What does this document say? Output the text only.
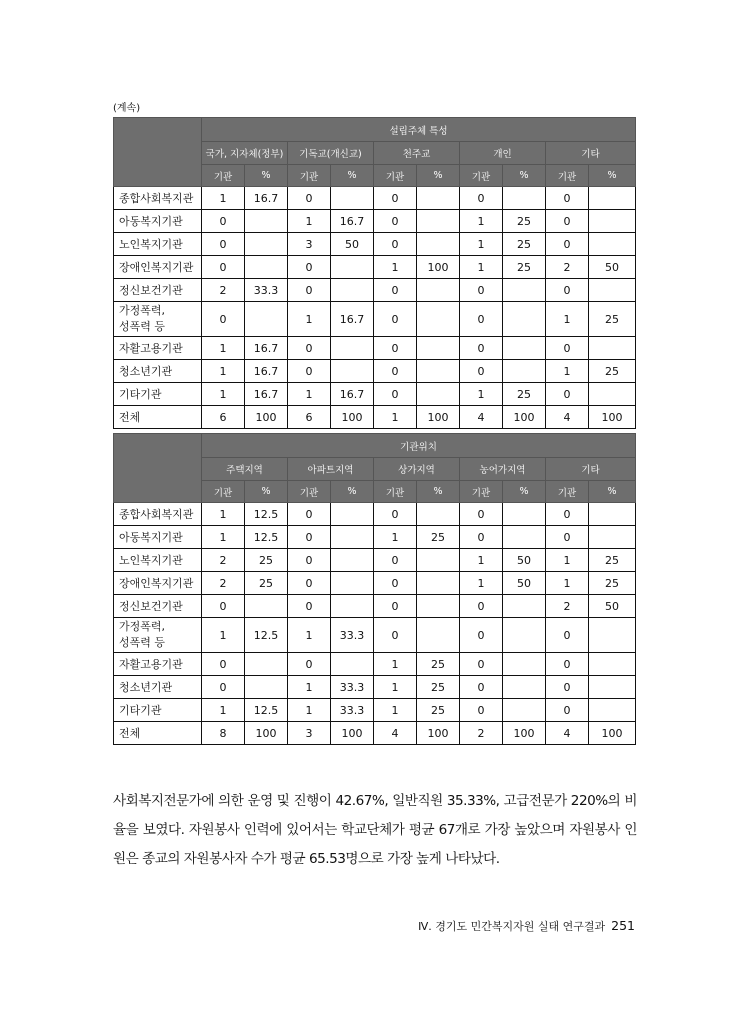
(계속)
	설립주체 특성									
	국가, 지자체(정부)		기독교(개신교)		천주교		개인		기타	
	기관	%	기관	%	기관	%	기관	%	기관	%
종합사회복지관	1	16.7	0		0		0		0	
아동복지기관	0		1	16.7	0		1	25	0	
노인복지기관	0		3	50	0		1	25	0	
장애인복지기관	0		0		1	100	1	25	2	50
정신보건기관	2	33.3	0		0		0		0	
가정폭력,
성폭력 등	0		1	16.7	0		0		1	25
자활고용기관	1	16.7	0		0		0		0	
청소년기관	1	16.7	0		0		0		1	25
기타기관	1	16.7	1	16.7	0		1	25	0	
전체	6	100	6	100	1	100	4	100	4	100
	기관위치									
	주택지역		아파트지역		상가지역		농어가지역		기타	
	기관	%	기관	%	기관	%	기관	%	기관	%
종합사회복지관	1	12.5	0		0		0		0	
아동복지기관	1	12.5	0		1	25	0		0	
노인복지기관	2	25	0		0		1	50	1	25
장애인복지기관	2	25	0		0		1	50	1	25
정신보건기관	0		0		0		0		2	50
가정폭력,
성폭력 등	1	12.5	1	33.3	0		0		0	
자활고용기관	0		0		1	25	0		0	
청소년기관	0		1	33.3	1	25	0		0	
기타기관	1	12.5	1	33.3	1	25	0		0	
전체	8	100	3	100	4	100	2	100	4	100
사회복지전문가에 의한 운영 및 진행이 42.67%, 일반직원 35.33%, 고급전문가 220%의 비율을 보였다. 자원봉사 인력에 있어서는 학교단체가 평균 67개로 가장 높았으며 자원봉사 인원은 종교의 자원봉사자 수가 평균 65.53명으로 가장 높게 나타났다.
Ⅳ. 경기도 민간복지자원 실태 연구결과 251
